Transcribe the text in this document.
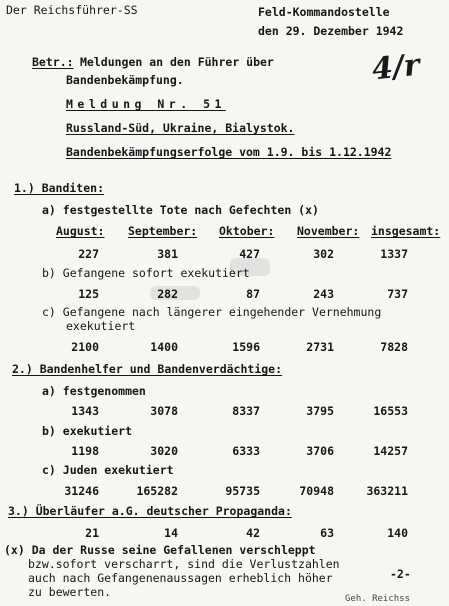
Der Reichsführer-SS	Feld-Kommandostelle
den 29. Dezember 1942
4/r
Betr.: Meldungen an den Führer über
Bandenbekämpfung.
Meldung Nr. 51
Russland-Süd, Ukraine, Bialystok.
Bandenbekämpfungserfolge vom 1.9. bis 1.12.1942
1.) Banditen:
a) festgestellte Tote nach Gefechten (x)
August: September: Oktober: November: insgesamt:
227	381	427	302	1337
b) Gefangene sofort exekutiert
125	282	87	243	737
c) Gefangene nach längerer eingehender Vernehmung
exekutiert
2100	1400	1596	2731	7828
2.) Bandenhelfer und Bandenverdächtige:
a) festgenommen
1343	3078	8337	3795	16553
b) exekutiert
1198	3020	6333	3706	14257
c) Juden exekutiert
31246	165282	95735	70948	363211
3.) Überläufer a.G. deutscher Propaganda:
21	14	42	63	140
(x) Da der Russe seine Gefallenen verschleppt
bzw.sofort verscharrt, sind die Verlustzahlen
auch nach Gefangenenaussagen erheblich höher
zu bewerten.
-2-
Geh. Reichss
